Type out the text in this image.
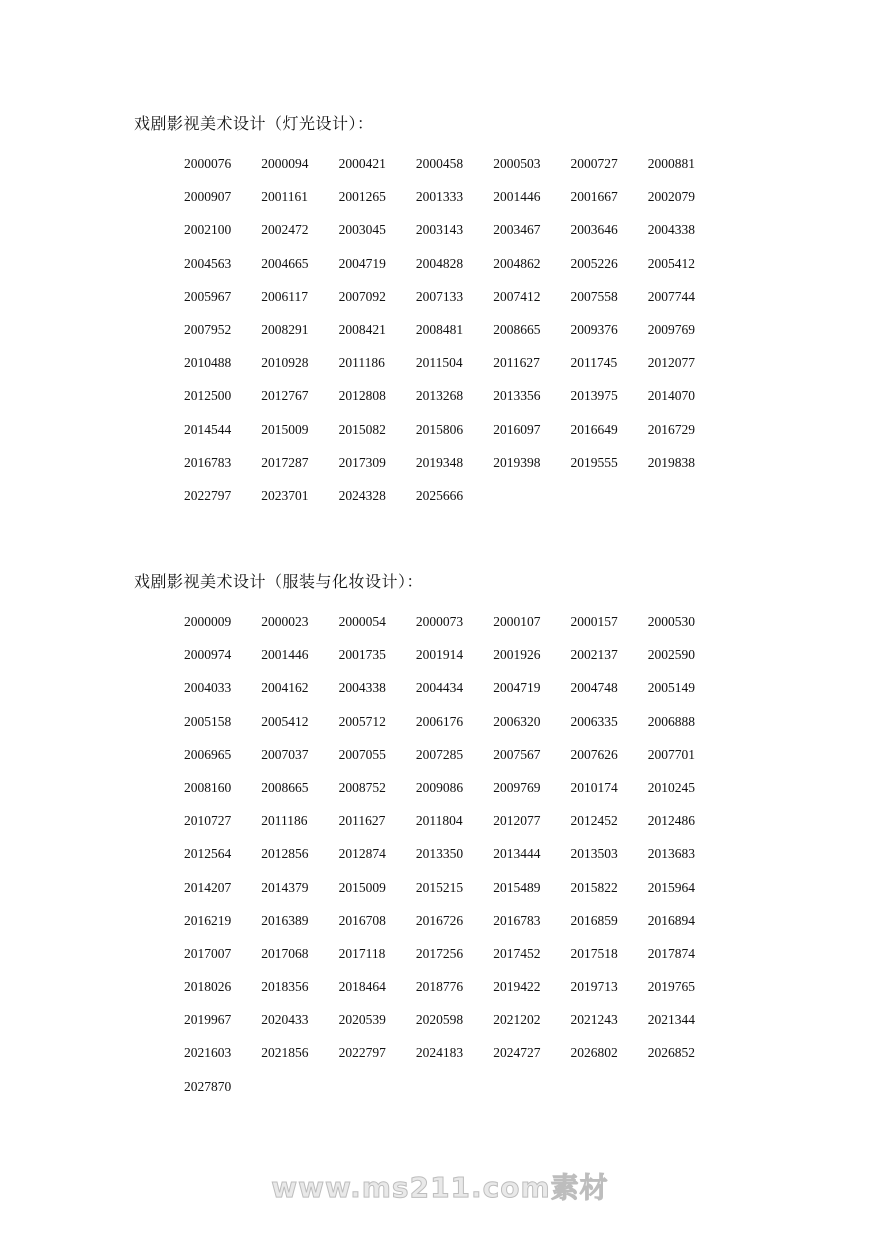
戏剧影视美术设计（灯光设计）：
2000076	2000094	2000421	2000458	2000503	2000727	2000881
2000907	2001161	2001265	2001333	2001446	2001667	2002079
2002100	2002472	2003045	2003143	2003467	2003646	2004338
2004563	2004665	2004719	2004828	2004862	2005226	2005412
2005967	2006117	2007092	2007133	2007412	2007558	2007744
2007952	2008291	2008421	2008481	2008665	2009376	2009769
2010488	2010928	2011186	2011504	2011627	2011745	2012077
2012500	2012767	2012808	2013268	2013356	2013975	2014070
2014544	2015009	2015082	2015806	2016097	2016649	2016729
2016783	2017287	2017309	2019348	2019398	2019555	2019838
2022797	2023701	2024328	2025666
戏剧影视美术设计（服装与化妆设计）：
2000009	2000023	2000054	2000073	2000107	2000157	2000530
2000974	2001446	2001735	2001914	2001926	2002137	2002590
2004033	2004162	2004338	2004434	2004719	2004748	2005149
2005158	2005412	2005712	2006176	2006320	2006335	2006888
2006965	2007037	2007055	2007285	2007567	2007626	2007701
2008160	2008665	2008752	2009086	2009769	2010174	2010245
2010727	2011186	2011627	2011804	2012077	2012452	2012486
2012564	2012856	2012874	2013350	2013444	2013503	2013683
2014207	2014379	2015009	2015215	2015489	2015822	2015964
2016219	2016389	2016708	2016726	2016783	2016859	2016894
2017007	2017068	2017118	2017256	2017452	2017518	2017874
2018026	2018356	2018464	2018776	2019422	2019713	2019765
2019967	2020433	2020539	2020598	2021202	2021243	2021344
2021603	2021856	2022797	2024183	2024727	2026802	2026852
2027870
www.ms211.com素材
